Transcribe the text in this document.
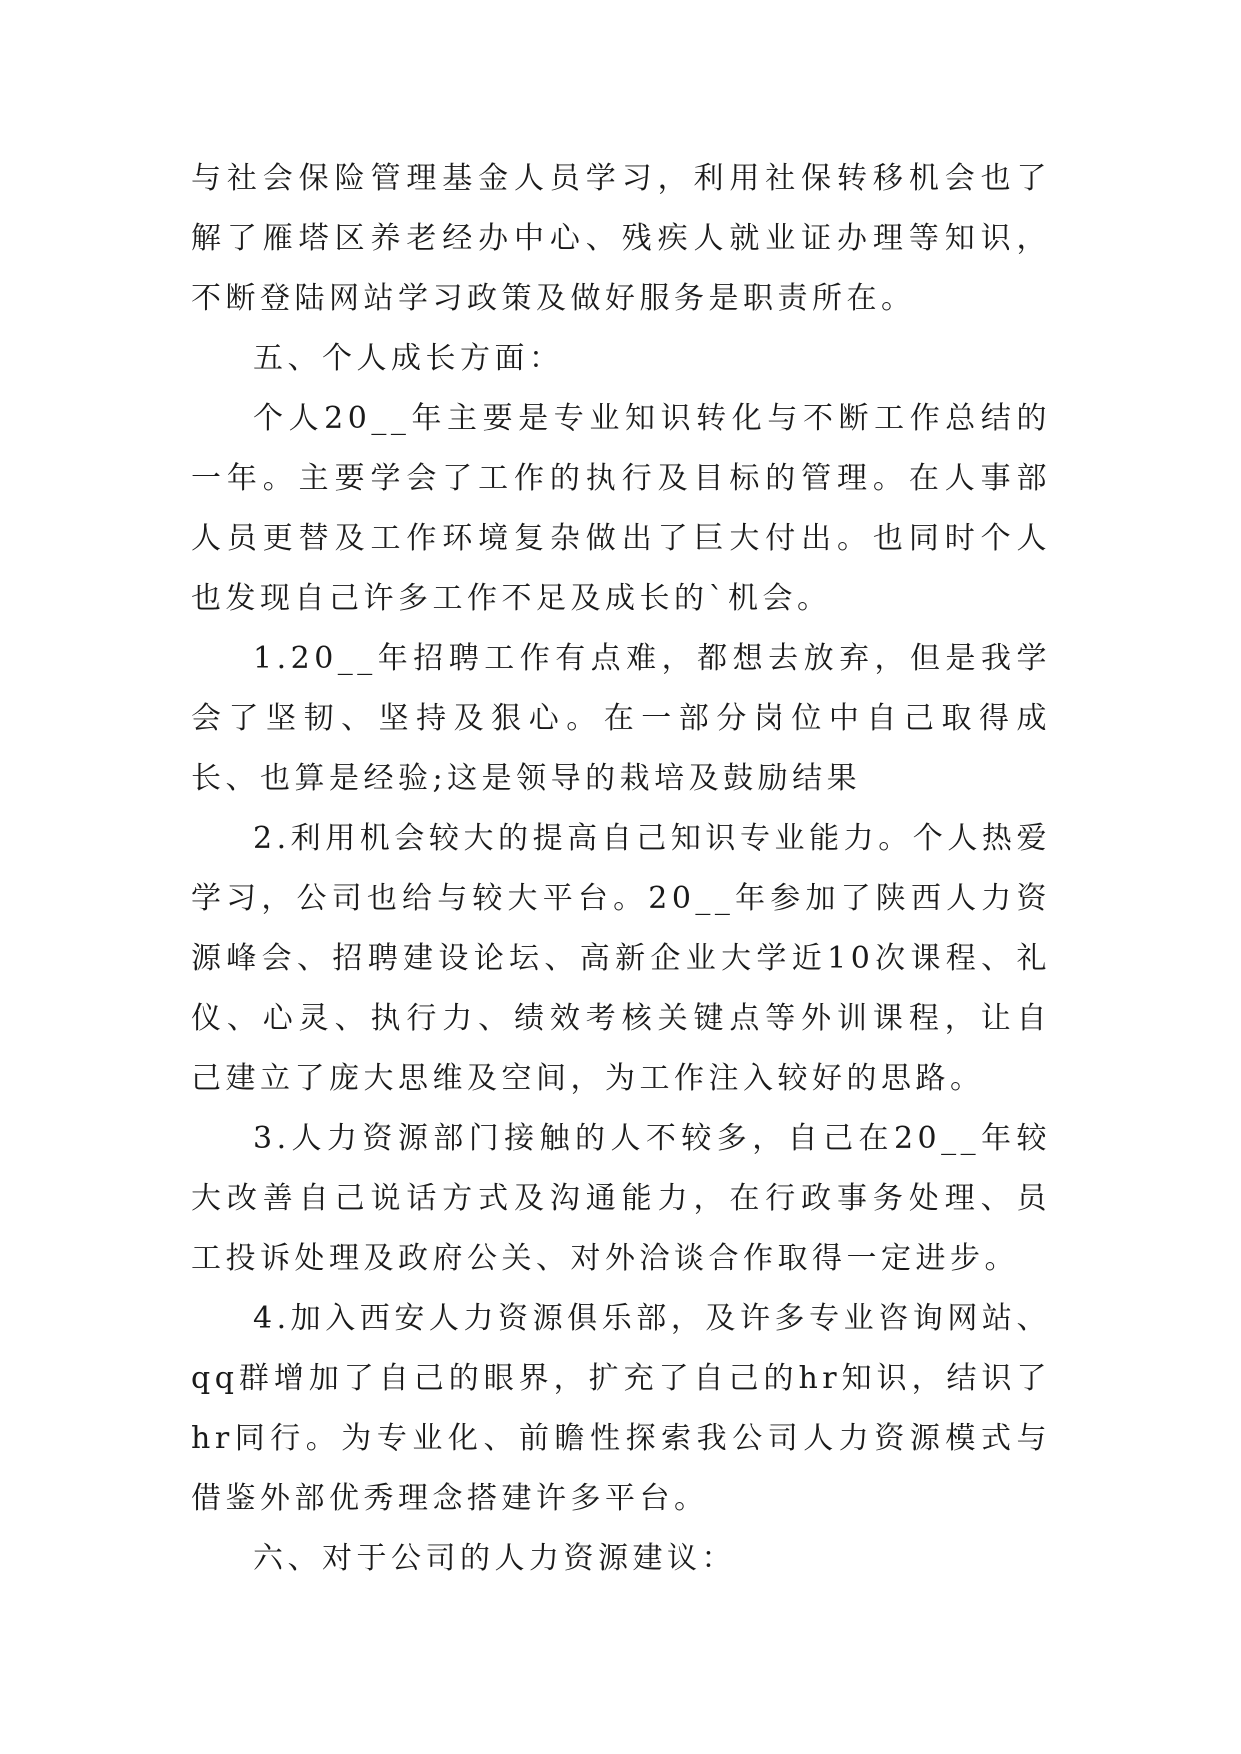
与社会保险管理基金人员学习，利用社保转移机会也了解了雁塔区养老经办中心、残疾人就业证办理等知识，不断登陆网站学习政策及做好服务是职责所在。

五、个人成长方面：

个人20__年主要是专业知识转化与不断工作总结的一年。主要学会了工作的执行及目标的管理。在人事部人员更替及工作环境复杂做出了巨大付出。也同时个人也发现自己许多工作不足及成长的`机会。

1.20__年招聘工作有点难，都想去放弃，但是我学会了坚韧、坚持及狠心。在一部分岗位中自己取得成长、也算是经验;这是领导的栽培及鼓励结果

2.利用机会较大的提高自己知识专业能力。个人热爱学习，公司也给与较大平台。20__年参加了陕西人力资源峰会、招聘建设论坛、高新企业大学近10次课程、礼仪、心灵、执行力、绩效考核关键点等外训课程，让自己建立了庞大思维及空间，为工作注入较好的思路。

3.人力资源部门接触的人不较多，自己在20__年较大改善自己说话方式及沟通能力，在行政事务处理、员工投诉处理及政府公关、对外洽谈合作取得一定进步。

4.加入西安人力资源俱乐部，及许多专业咨询网站、qq群增加了自己的眼界，扩充了自己的hr知识，结识了hr同行。为专业化、前瞻性探索我公司人力资源模式与借鉴外部优秀理念搭建许多平台。

六、对于公司的人力资源建议：
